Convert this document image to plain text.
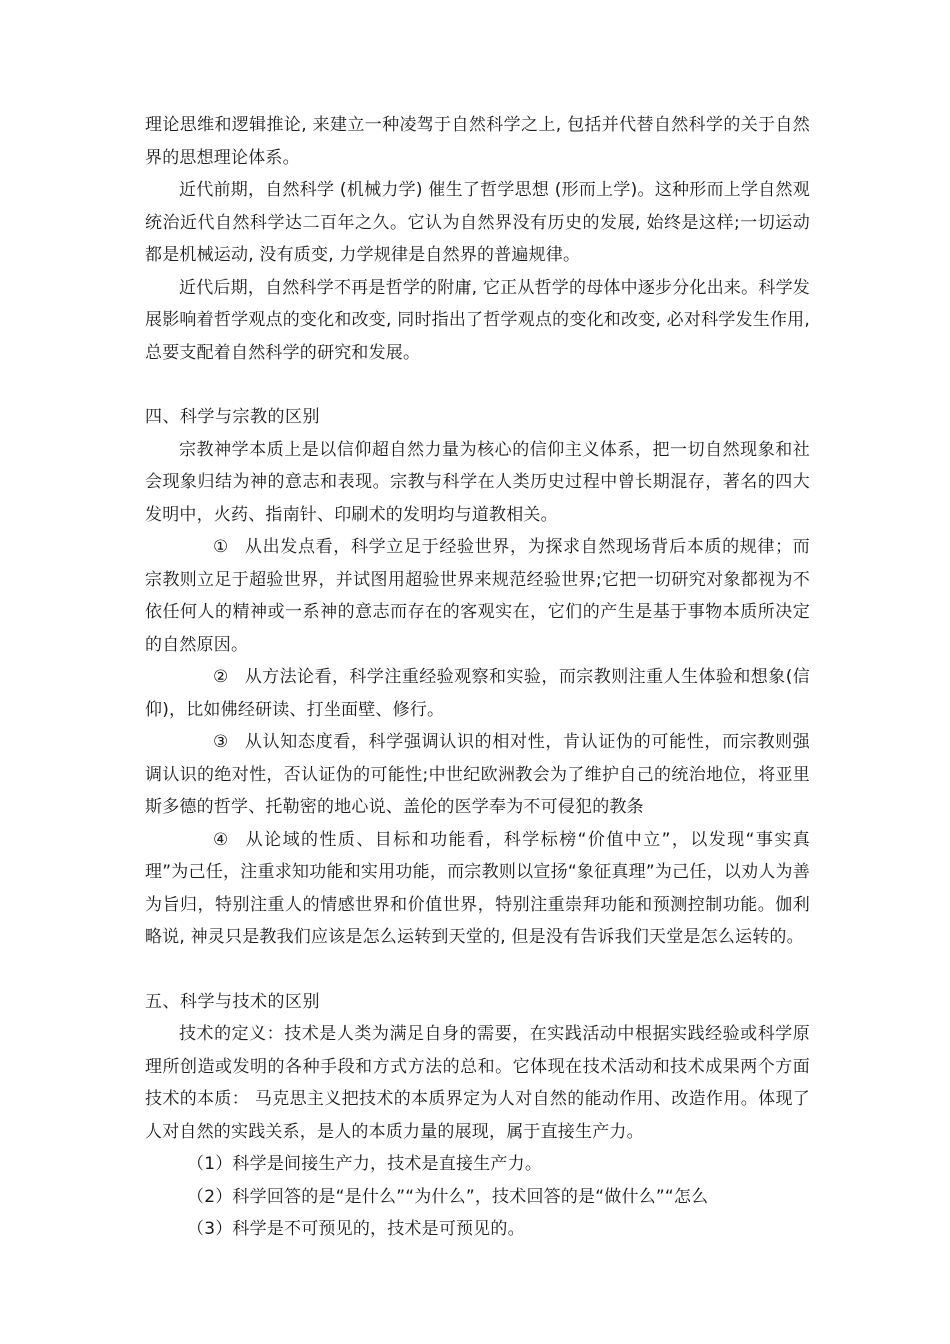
理论思维和逻辑推论, 来建立一种凌驾于自然科学之上, 包括并代替自然科学的关于自然界的思想理论体系。

近代前期，自然科学 (机械力学) 催生了哲学思想 (形而上学)。这种形而上学自然观统治近代自然科学达二百年之久。它认为自然界没有历史的发展, 始终是这样;一切运动都是机械运动, 没有质变, 力学规律是自然界的普遍规律。

近代后期，自然科学不再是哲学的附庸, 它正从哲学的母体中逐步分化出来。科学发展影响着哲学观点的变化和改变, 同时指出了哲学观点的变化和改变, 必对科学发生作用, 总要支配着自然科学的研究和发展。

四、科学与宗教的区别

宗教神学本质上是以信仰超自然力量为核心的信仰主义体系，把一切自然现象和社会现象归结为神的意志和表现。宗教与科学在人类历史过程中曾长期混存，著名的四大发明中，火药、指南针、印刷术的发明均与道教相关。

① 从出发点看，科学立足于经验世界，为探求自然现场背后本质的规律；而宗教则立足于超验世界，并试图用超验世界来规范经验世界;它把一切研究对象都视为不依任何人的精神或一系神的意志而存在的客观实在，它们的产生是基于事物本质所决定的自然原因。

② 从方法论看，科学注重经验观察和实验，而宗教则注重人生体验和想象(信仰)，比如佛经研读、打坐面壁、修行。

③ 从认知态度看，科学强调认识的相对性，肯认证伪的可能性，而宗教则强调认识的绝对性，否认证伪的可能性;中世纪欧洲教会为了维护自己的统治地位，将亚里斯多德的哲学、托勒密的地心说、盖伦的医学奉为不可侵犯的教条

④ 从论域的性质、目标和功能看，科学标榜“价值中立”，以发现“事实真理”为己任，注重求知功能和实用功能，而宗教则以宣扬“象征真理”为己任，以劝人为善为旨归，特别注重人的情感世界和价值世界，特别注重崇拜功能和预测控制功能。伽利略说, 神灵只是教我们应该是怎么运转到天堂的, 但是没有告诉我们天堂是怎么运转的。

五、科学与技术的区别

技术的定义：技术是人类为满足自身的需要，在实践活动中根据实践经验或科学原理所创造或发明的各种手段和方式方法的总和。它体现在技术活动和技术成果两个方面 技术的本质： 马克思主义把技术的本质界定为人对自然的能动作用、改造作用。体现了人对自然的实践关系，是人的本质力量的展现，属于直接生产力。

（1）科学是间接生产力，技术是直接生产力。

（2）科学回答的是“是什么”“为什么”，技术回答的是“做什么”“怎么

（3）科学是不可预见的，技术是可预见的。
